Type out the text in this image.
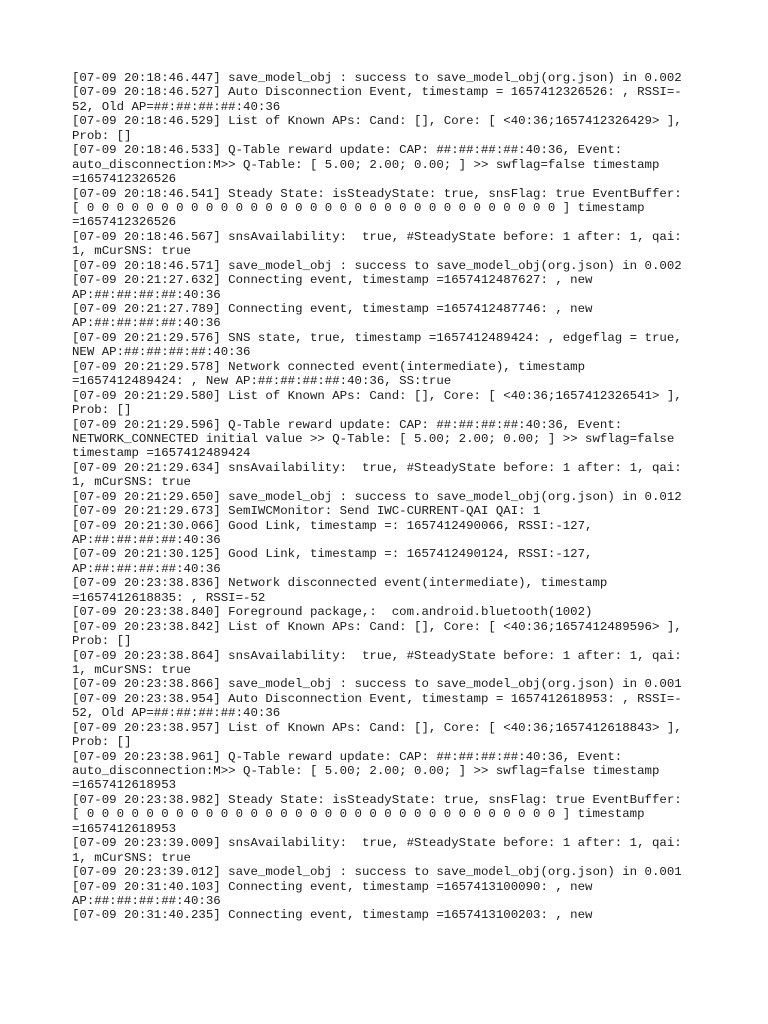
[07-09 20:18:46.447] save_model_obj : success to save_model_obj(org.json) in 0.002
[07-09 20:18:46.527] Auto Disconnection Event, timestamp = 1657412326526: , RSSI=-
52, Old AP=##:##:##:##:40:36
[07-09 20:18:46.529] List of Known APs: Cand: [], Core: [ <40:36;1657412326429> ],
Prob: []
[07-09 20:18:46.533] Q-Table reward update: CAP: ##:##:##:##:40:36, Event:
auto_disconnection:M>> Q-Table: [ 5.00; 2.00; 0.00; ] >> swflag=false timestamp
=1657412326526
[07-09 20:18:46.541] Steady State: isSteadyState: true, snsFlag: true EventBuffer:
[ 0 0 0 0 0 0 0 0 0 0 0 0 0 0 0 0 0 0 0 0 0 0 0 0 0 0 0 0 0 0 0 0 ] timestamp
=1657412326526
[07-09 20:18:46.567] snsAvailability:  true, #SteadyState before: 1 after: 1, qai:
1, mCurSNS: true
[07-09 20:18:46.571] save_model_obj : success to save_model_obj(org.json) in 0.002
[07-09 20:21:27.632] Connecting event, timestamp =1657412487627: , new
AP:##:##:##:##:40:36
[07-09 20:21:27.789] Connecting event, timestamp =1657412487746: , new
AP:##:##:##:##:40:36
[07-09 20:21:29.576] SNS state, true, timestamp =1657412489424: , edgeflag = true,
NEW AP:##:##:##:##:40:36
[07-09 20:21:29.578] Network connected event(intermediate), timestamp
=1657412489424: , New AP:##:##:##:##:40:36, SS:true
[07-09 20:21:29.580] List of Known APs: Cand: [], Core: [ <40:36;1657412326541> ],
Prob: []
[07-09 20:21:29.596] Q-Table reward update: CAP: ##:##:##:##:40:36, Event:
NETWORK_CONNECTED initial value >> Q-Table: [ 5.00; 2.00; 0.00; ] >> swflag=false
timestamp =1657412489424
[07-09 20:21:29.634] snsAvailability:  true, #SteadyState before: 1 after: 1, qai:
1, mCurSNS: true
[07-09 20:21:29.650] save_model_obj : success to save_model_obj(org.json) in 0.012
[07-09 20:21:29.673] SemIWCMonitor: Send IWC-CURRENT-QAI QAI: 1
[07-09 20:21:30.066] Good Link, timestamp =: 1657412490066, RSSI:-127,
AP:##:##:##:##:40:36
[07-09 20:21:30.125] Good Link, timestamp =: 1657412490124, RSSI:-127,
AP:##:##:##:##:40:36
[07-09 20:23:38.836] Network disconnected event(intermediate), timestamp
=1657412618835: , RSSI=-52
[07-09 20:23:38.840] Foreground package,:  com.android.bluetooth(1002)
[07-09 20:23:38.842] List of Known APs: Cand: [], Core: [ <40:36;1657412489596> ],
Prob: []
[07-09 20:23:38.864] snsAvailability:  true, #SteadyState before: 1 after: 1, qai:
1, mCurSNS: true
[07-09 20:23:38.866] save_model_obj : success to save_model_obj(org.json) in 0.001
[07-09 20:23:38.954] Auto Disconnection Event, timestamp = 1657412618953: , RSSI=-
52, Old AP=##:##:##:##:40:36
[07-09 20:23:38.957] List of Known APs: Cand: [], Core: [ <40:36;1657412618843> ],
Prob: []
[07-09 20:23:38.961] Q-Table reward update: CAP: ##:##:##:##:40:36, Event:
auto_disconnection:M>> Q-Table: [ 5.00; 2.00; 0.00; ] >> swflag=false timestamp
=1657412618953
[07-09 20:23:38.982] Steady State: isSteadyState: true, snsFlag: true EventBuffer:
[ 0 0 0 0 0 0 0 0 0 0 0 0 0 0 0 0 0 0 0 0 0 0 0 0 0 0 0 0 0 0 0 0 ] timestamp
=1657412618953
[07-09 20:23:39.009] snsAvailability:  true, #SteadyState before: 1 after: 1, qai:
1, mCurSNS: true
[07-09 20:23:39.012] save_model_obj : success to save_model_obj(org.json) in 0.001
[07-09 20:31:40.103] Connecting event, timestamp =1657413100090: , new
AP:##:##:##:##:40:36
[07-09 20:31:40.235] Connecting event, timestamp =1657413100203: , new
